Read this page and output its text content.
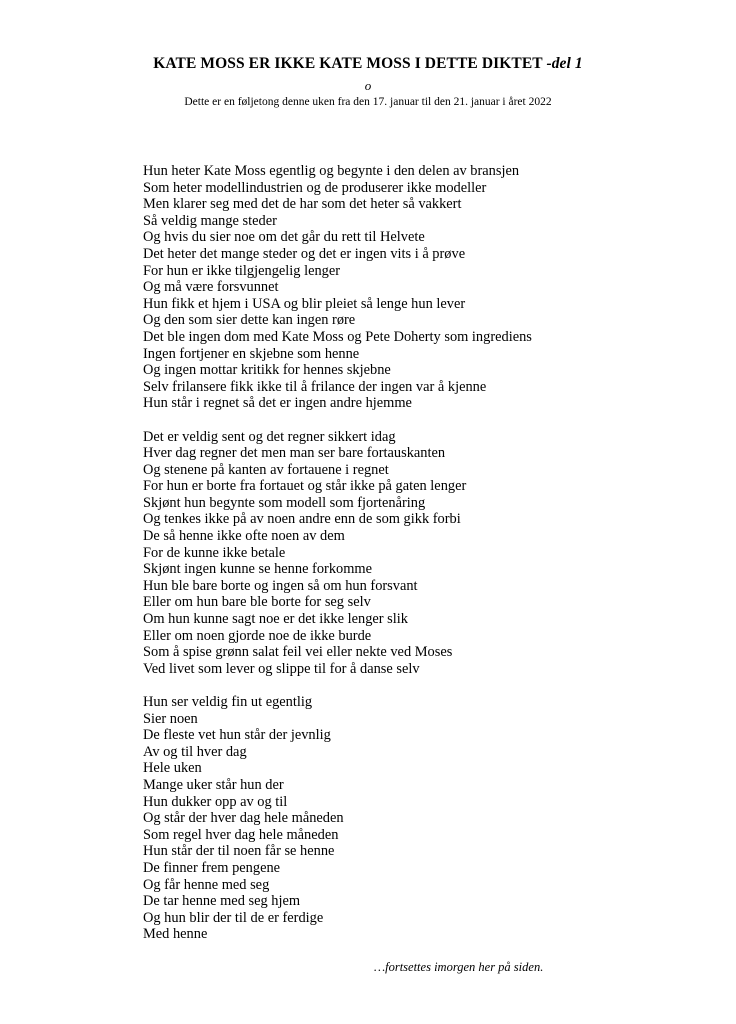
KATE MOSS ER IKKE KATE MOSS I DETTE DIKTET -del 1
o
Dette er en føljetong denne uken fra den 17. januar til den 21. januar i året 2022
Hun heter Kate Moss egentlig og begynte i den delen av bransjen
Som heter modellindustrien og de produserer ikke modeller
Men klarer seg med det de har som det heter så vakkert
Så veldig mange steder
Og hvis du sier noe om det går du rett til Helvete
Det heter det mange steder og det er ingen vits i å prøve
For hun er ikke tilgjengelig lenger
Og må være forsvunnet
Hun fikk et hjem i USA og blir pleiet så lenge hun lever
Og den som sier dette kan ingen røre
Det ble ingen dom med Kate Moss og Pete Doherty som ingrediens
Ingen fortjener en skjebne som henne
Og ingen mottar kritikk for hennes skjebne
Selv frilansere fikk ikke til å frilance der ingen var å kjenne
Hun står i regnet så det er ingen andre hjemme
Det er veldig sent og det regner sikkert idag
Hver dag regner det men man ser bare fortauskanten
Og stenene på kanten av fortauene i regnet
For hun er borte fra fortauet og står ikke på gaten lenger
Skjønt hun begynte som modell som fjortenåring
Og tenkes ikke på av noen andre enn de som gikk forbi
De så henne ikke ofte noen av dem
For de kunne ikke betale
Skjønt ingen kunne se henne forkomme
Hun ble bare borte og ingen så om hun forsvant
Eller om hun bare ble borte for seg selv
Om hun kunne sagt noe er det ikke lenger slik
Eller om noen gjorde noe de ikke burde
Som å spise grønn salat feil vei eller nekte ved Moses
Ved livet som lever og slippe til for å danse selv
Hun ser veldig fin ut egentlig
Sier noen
De fleste vet hun står der jevnlig
Av og til hver dag
Hele uken
Mange uker står hun der
Hun dukker opp av og til
Og står der hver dag hele måneden
Som regel hver dag hele måneden
Hun står der til noen får se henne
De finner frem pengene
Og får henne med seg
De tar henne med seg hjem
Og hun blir der til de er ferdige
Med henne
…fortsettes imorgen her på siden.
